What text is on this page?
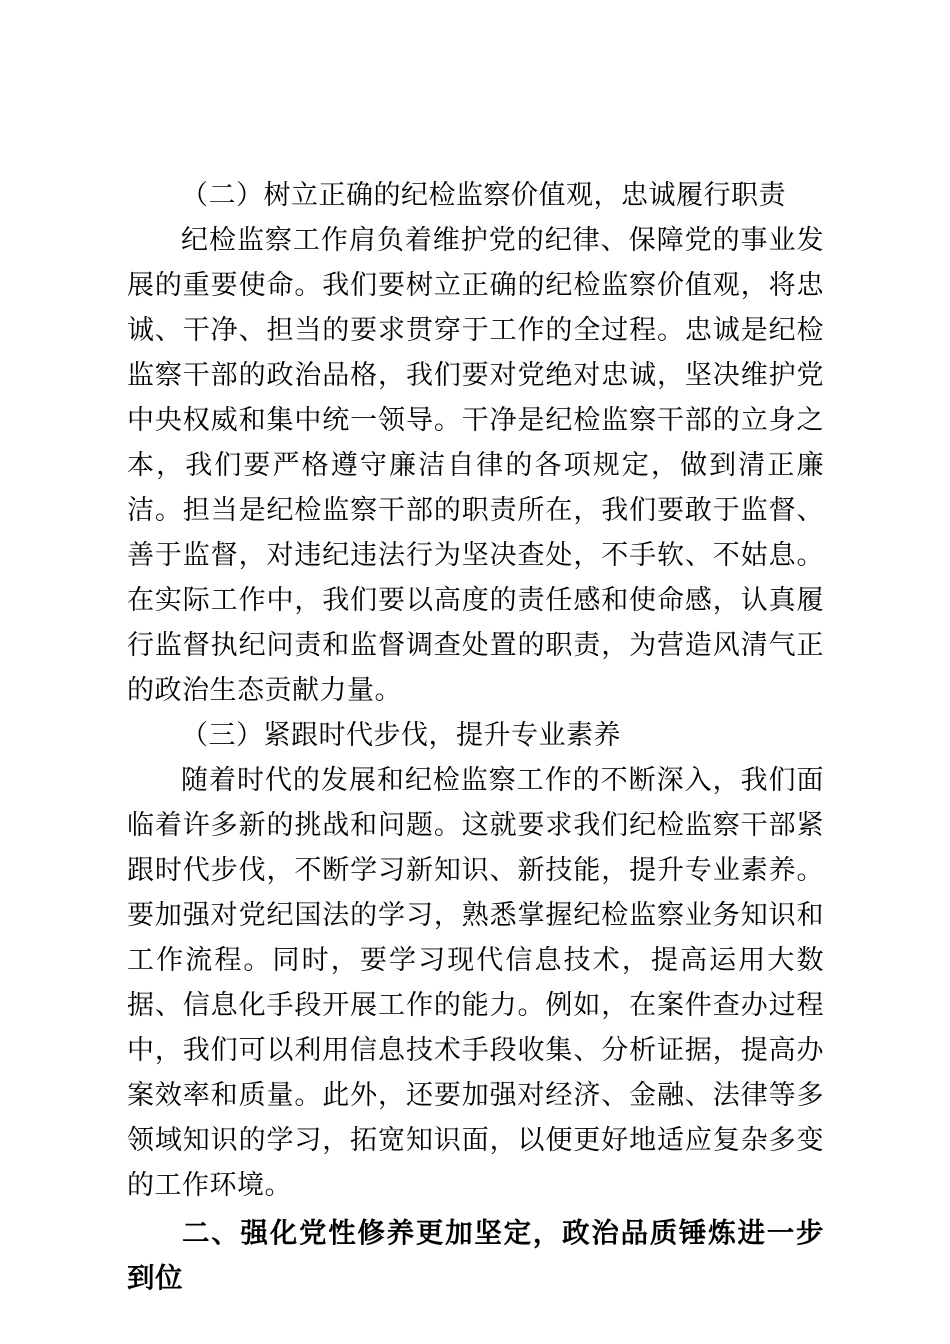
（二）树立正确的纪检监察价值观，忠诚履行职责

纪检监察工作肩负着维护党的纪律、保障党的事业发展的重要使命。我们要树立正确的纪检监察价值观，将忠诚、干净、担当的要求贯穿于工作的全过程。忠诚是纪检监察干部的政治品格，我们要对党绝对忠诚，坚决维护党中央权威和集中统一领导。干净是纪检监察干部的立身之本，我们要严格遵守廉洁自律的各项规定，做到清正廉洁。担当是纪检监察干部的职责所在，我们要敢于监督、善于监督，对违纪违法行为坚决查处，不手软、不姑息。在实际工作中，我们要以高度的责任感和使命感，认真履行监督执纪问责和监督调查处置的职责，为营造风清气正的政治生态贡献力量。

（三）紧跟时代步伐，提升专业素养

随着时代的发展和纪检监察工作的不断深入，我们面临着许多新的挑战和问题。这就要求我们纪检监察干部紧跟时代步伐，不断学习新知识、新技能，提升专业素养。要加强对党纪国法的学习，熟悉掌握纪检监察业务知识和工作流程。同时，要学习现代信息技术，提高运用大数据、信息化手段开展工作的能力。例如，在案件查办过程中，我们可以利用信息技术手段收集、分析证据，提高办案效率和质量。此外，还要加强对经济、金融、法律等多领域知识的学习，拓宽知识面，以便更好地适应复杂多变的工作环境。

二、强化党性修养更加坚定，政治品质锤炼进一步到位
